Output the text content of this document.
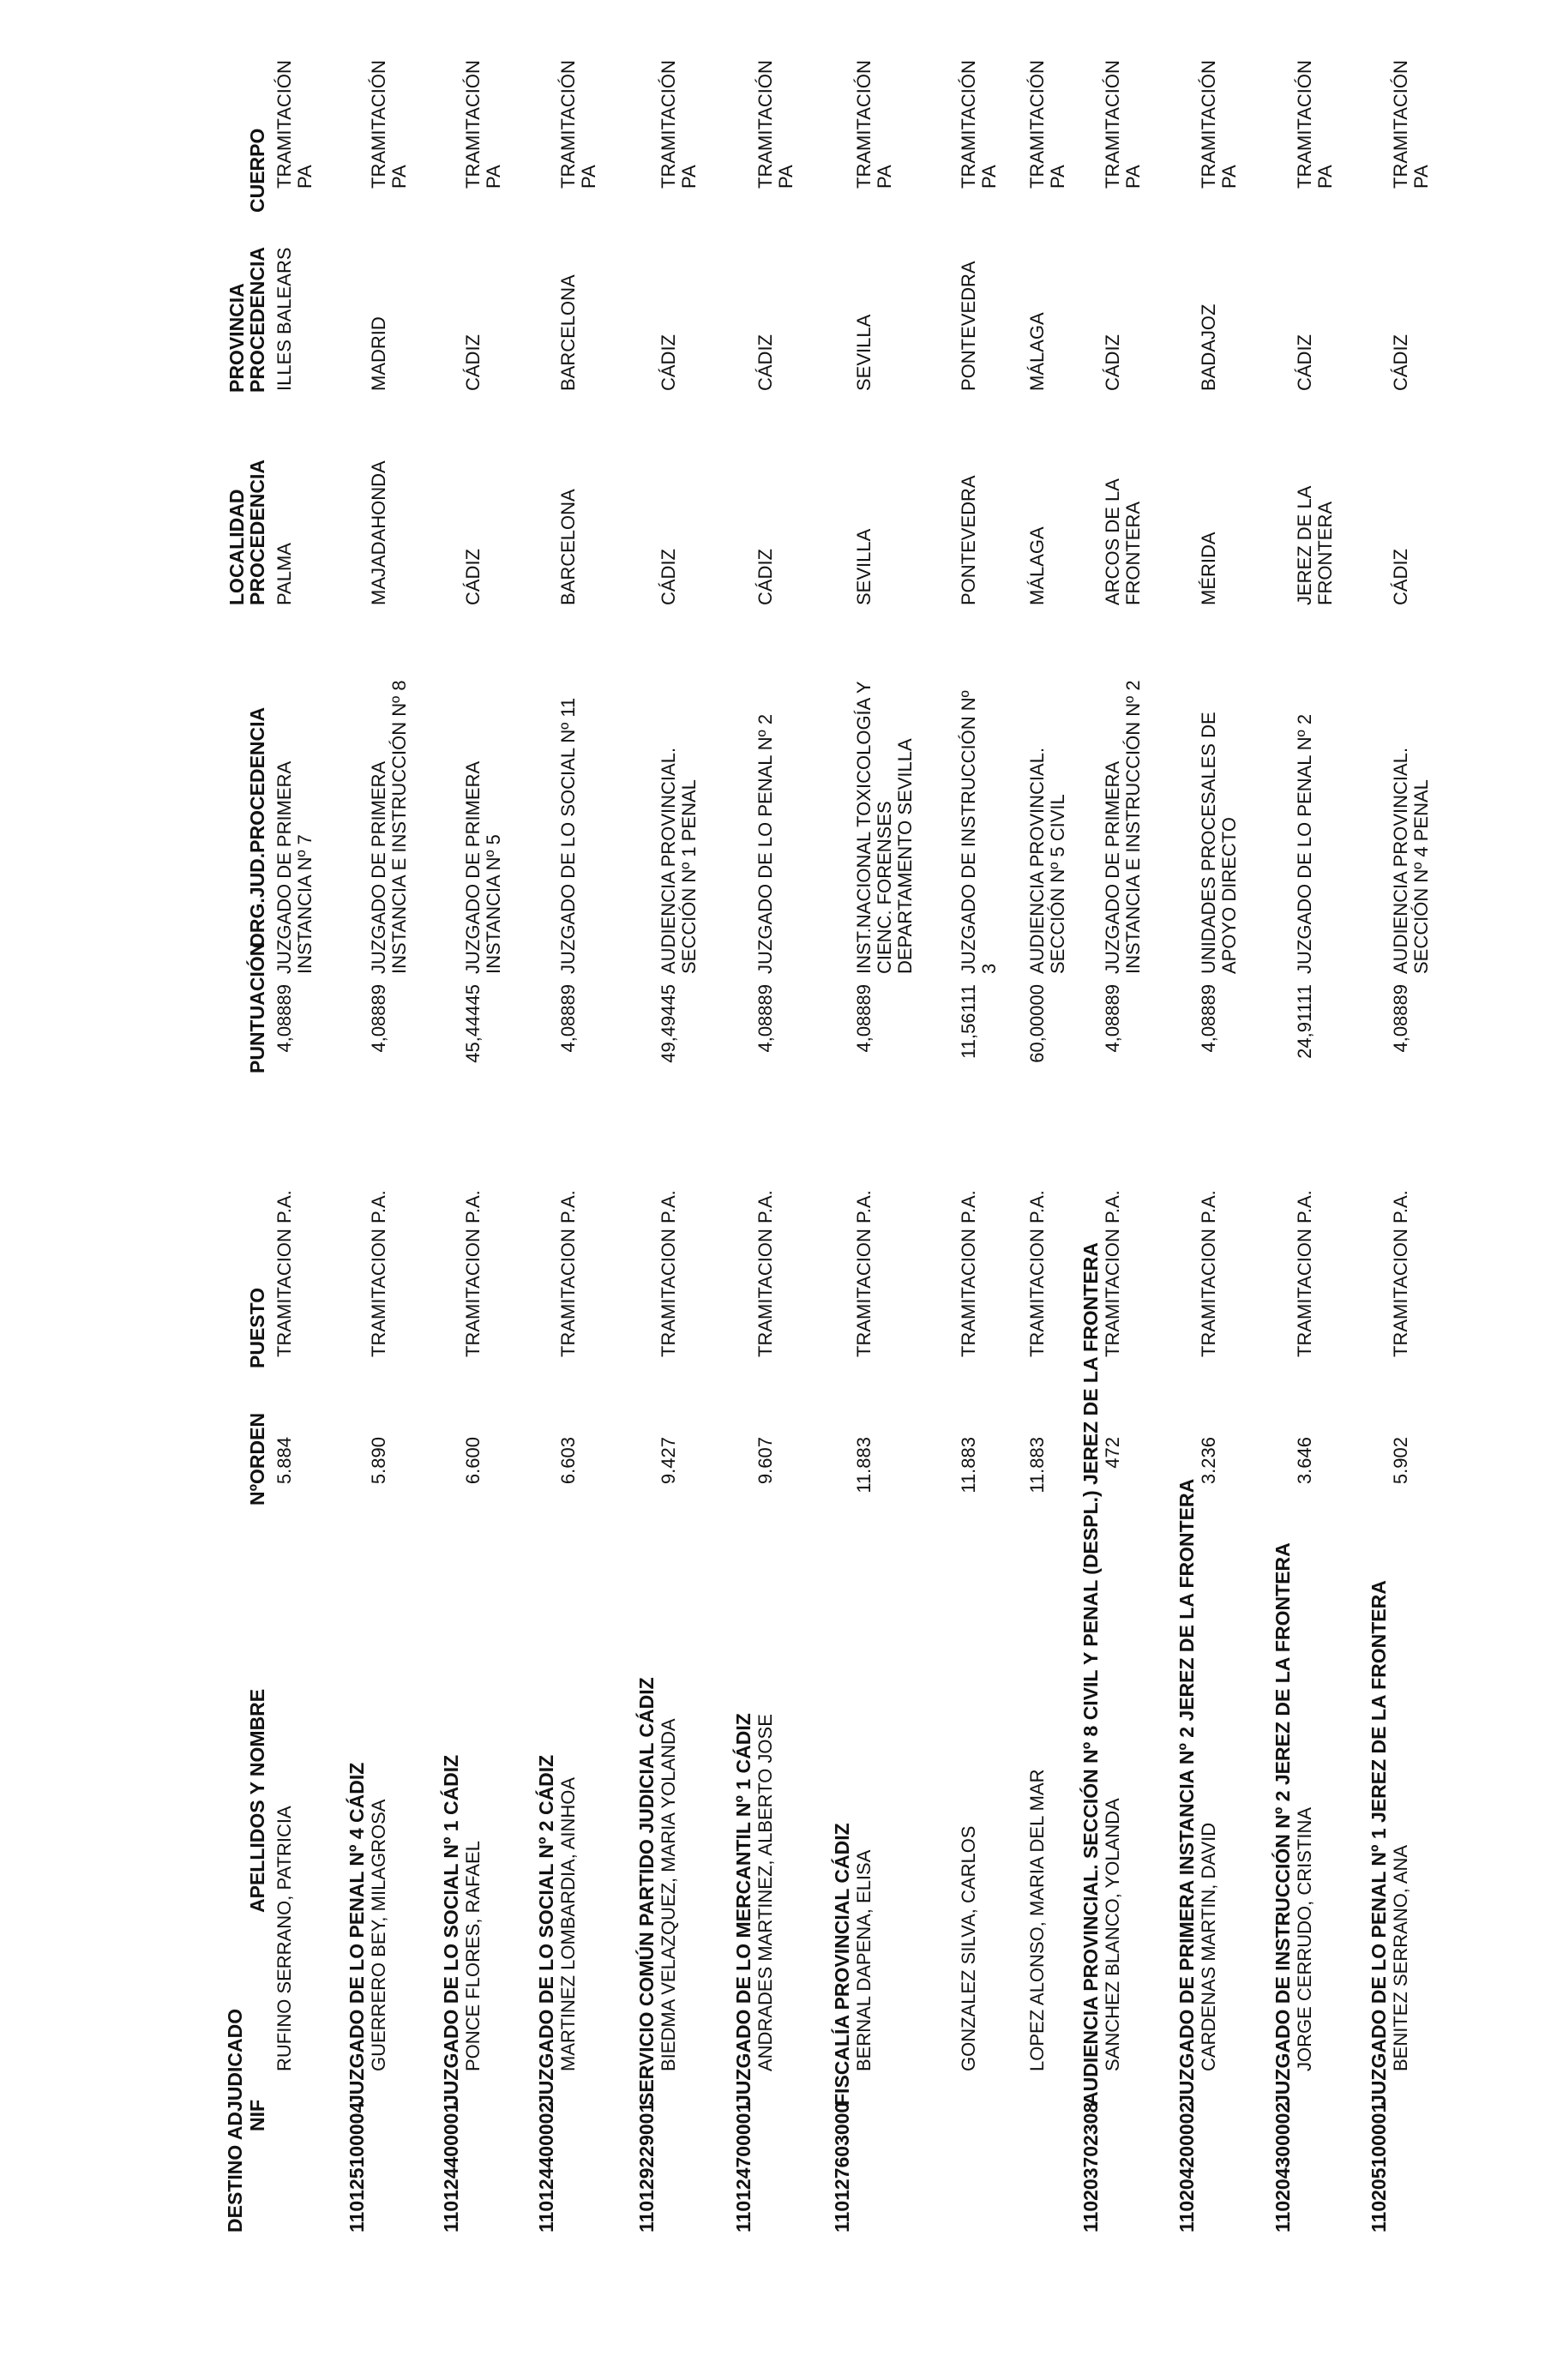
DESTINO ADJUDICADO NIF
APELLIDOS Y NOMBRE
NºORDEN
PUESTO
PUNTUACIÓN
ORG.JUD.PROCEDENCIA
LOCALIDAD
PROCEDENCIA
PROVINCIA
PROCEDENCIA
CUERPO
RUFINO SERRANO, PATRICIA
5.884
TRAMITACION P.A.
4,08889
JUZGADO DE PRIMERA INSTANCIA Nº 7
PALMA
ILLES BALEARS
TRAMITACIÓN PA
110125100004
JUZGADO DE LO PENAL Nº 4 CÁDIZ GUERRERO BEY, MILAGROSA
5.890
TRAMITACION P.A.
4,08889
JUZGADO DE PRIMERA INSTANCIA E INSTRUCCIÓN Nº 8
MAJADAHONDA
MADRID
TRAMITACIÓN PA
110124400001
JUZGADO DE LO SOCIAL Nº 1 CÁDIZ PONCE FLORES, RAFAEL
6.600
TRAMITACION P.A.
45,44445
JUZGADO DE PRIMERA INSTANCIA Nº 5
CÁDIZ
CÁDIZ
TRAMITACIÓN PA
110124400002
JUZGADO DE LO SOCIAL Nº 2 CÁDIZ MARTINEZ LOMBARDIA, AINHOA
6.603
TRAMITACION P.A.
4,08889
JUZGADO DE LO SOCIAL Nº 11
BARCELONA
BARCELONA
TRAMITACIÓN PA
110129229001
SERVICIO COMÚN PARTIDO JUDICIAL CÁDIZ BIEDMA VELAZQUEZ, MARIA YOLANDA
9.427
TRAMITACION P.A.
49,49445
AUDIENCIA PROVINCIAL. SECCIÓN Nº 1 PENAL
CÁDIZ
CÁDIZ
TRAMITACIÓN PA
110124700001
JUZGADO DE LO MERCANTIL Nº 1 CÁDIZ ANDRADES MARTINEZ, ALBERTO JOSE
9.607
TRAMITACION P.A.
4,08889
JUZGADO DE LO PENAL Nº 2
CÁDIZ
CÁDIZ
TRAMITACIÓN PA
110127603000
FISCALÍA PROVINCIAL CÁDIZ BERNAL DAPENA, ELISA
11.883
TRAMITACION P.A.
4,08889
INST.NACIONAL TOXICOLOGÍA Y CIENC. FORENSES DEPARTAMENTO SEVILLA
SEVILLA
SEVILLA
TRAMITACIÓN PA
GONZALEZ SILVA, CARLOS
11.883
TRAMITACION P.A.
11,56111
JUZGADO DE INSTRUCCIÓN Nº 3
PONTEVEDRA
PONTEVEDRA
TRAMITACIÓN PA
LOPEZ ALONSO, MARIA DEL MAR
11.883
TRAMITACION P.A.
60,00000
AUDIENCIA PROVINCIAL. SECCIÓN Nº 5 CIVIL
MÁLAGA
MÁLAGA
TRAMITACIÓN PA
110203702308
AUDIENCIA PROVINCIAL. SECCIÓN Nº 8 CIVIL Y PENAL (DESPL.) JEREZ DE LA FRONTERA SANCHEZ BLANCO, YOLANDA
472
TRAMITACION P.A.
4,08889
JUZGADO DE PRIMERA INSTANCIA E INSTRUCCIÓN Nº 2
ARCOS DE LA FRONTERA
CÁDIZ
TRAMITACIÓN PA
110204200002
JUZGADO DE PRIMERA INSTANCIA Nº 2 JEREZ DE LA FRONTERA CARDENAS MARTIN, DAVID
3.236
TRAMITACION P.A.
4,08889
UNIDADES PROCESALES DE APOYO DIRECTO
MÉRIDA
BADAJOZ
TRAMITACIÓN PA
110204300002
JUZGADO DE INSTRUCCIÓN Nº 2 JEREZ DE LA FRONTERA JORGE CERRUDO, CRISTINA
3.646
TRAMITACION P.A.
24,91111
JUZGADO DE LO PENAL Nº 2
JEREZ DE LA FRONTERA
CÁDIZ
TRAMITACIÓN PA
110205100001
JUZGADO DE LO PENAL Nº 1 JEREZ DE LA FRONTERA BENITEZ SERRANO, ANA
5.902
TRAMITACION P.A.
4,08889
AUDIENCIA PROVINCIAL. SECCIÓN Nº 4 PENAL
CÁDIZ
CÁDIZ
TRAMITACIÓN PA
